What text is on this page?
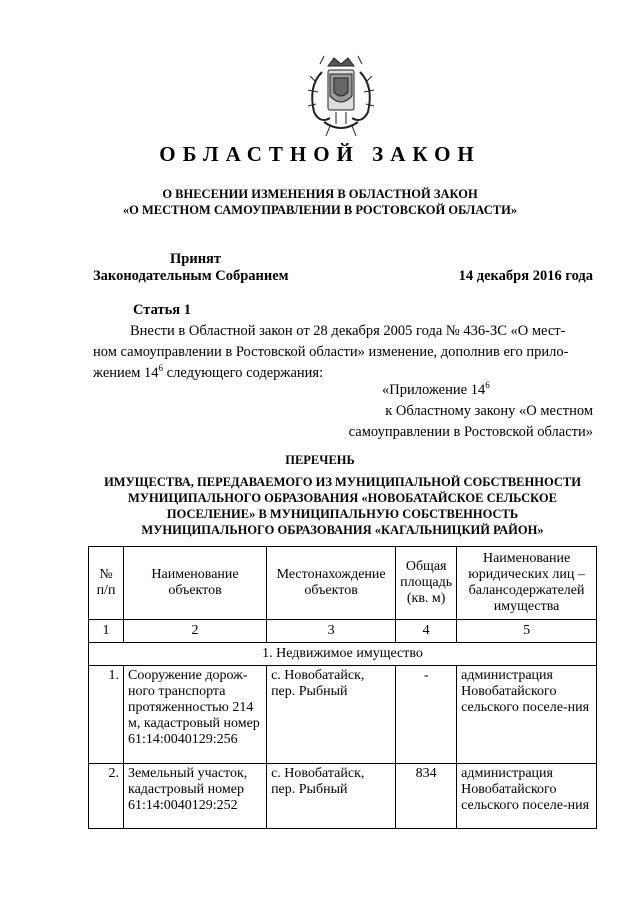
ОБЛАСТНОЙ ЗАКОН
О ВНЕСЕНИИ ИЗМЕНЕНИЯ В ОБЛАСТНОЙ ЗАКОН
«О МЕСТНОМ САМОУПРАВЛЕНИИ В РОСТОВСКОЙ ОБЛАСТИ»
Принят
Законодательным Собранием	14 декабря 2016 года
Статья 1
Внести в Областной закон от 28 декабря 2005 года № 436-ЗС «О мест-
ном самоуправлении в Ростовской области» изменение, дополнив его прило-
жением $14^6$ следующего содержания:
«Приложение $14^6$
к Областному закону «О местном
самоуправлении в Ростовской области»
ПЕРЕЧЕНЬ
ИМУЩЕСТВА, ПЕРЕДАВАЕМОГО ИЗ МУНИЦИПАЛЬНОЙ СОБСТВЕННОСТИ
МУНИЦИПАЛЬНОГО ОБРАЗОВАНИЯ «НОВОБАТАЙСКОЕ СЕЛЬСКОЕ
ПОСЕЛЕНИЕ» В МУНИЦИПАЛЬНУЮ СОБСТВЕННОСТЬ
МУНИЦИПАЛЬНОГО ОБРАЗОВАНИЯ «КАГАЛЬНИЦКИЙ РАЙОН»
№ п/п	Наименование объектов	Местонахождение объектов	Общая площадь (кв. м)	Наименование юридических лиц – балансодержателей имущества
1	2	3	4	5
1. Недвижимое имущество				
1.	Сооружение дорож-ного транспорта протяженностью 214 м, кадастровый номер 61:14:0040129:256	с. Новобатайск, пер. Рыбный	-	администрация Новобатайского сельского поселе-ния
2.	Земельный участок, кадастровый номер 61:14:0040129:252	с. Новобатайск, пер. Рыбный	834	администрация Новобатайского сельского поселе-ния
